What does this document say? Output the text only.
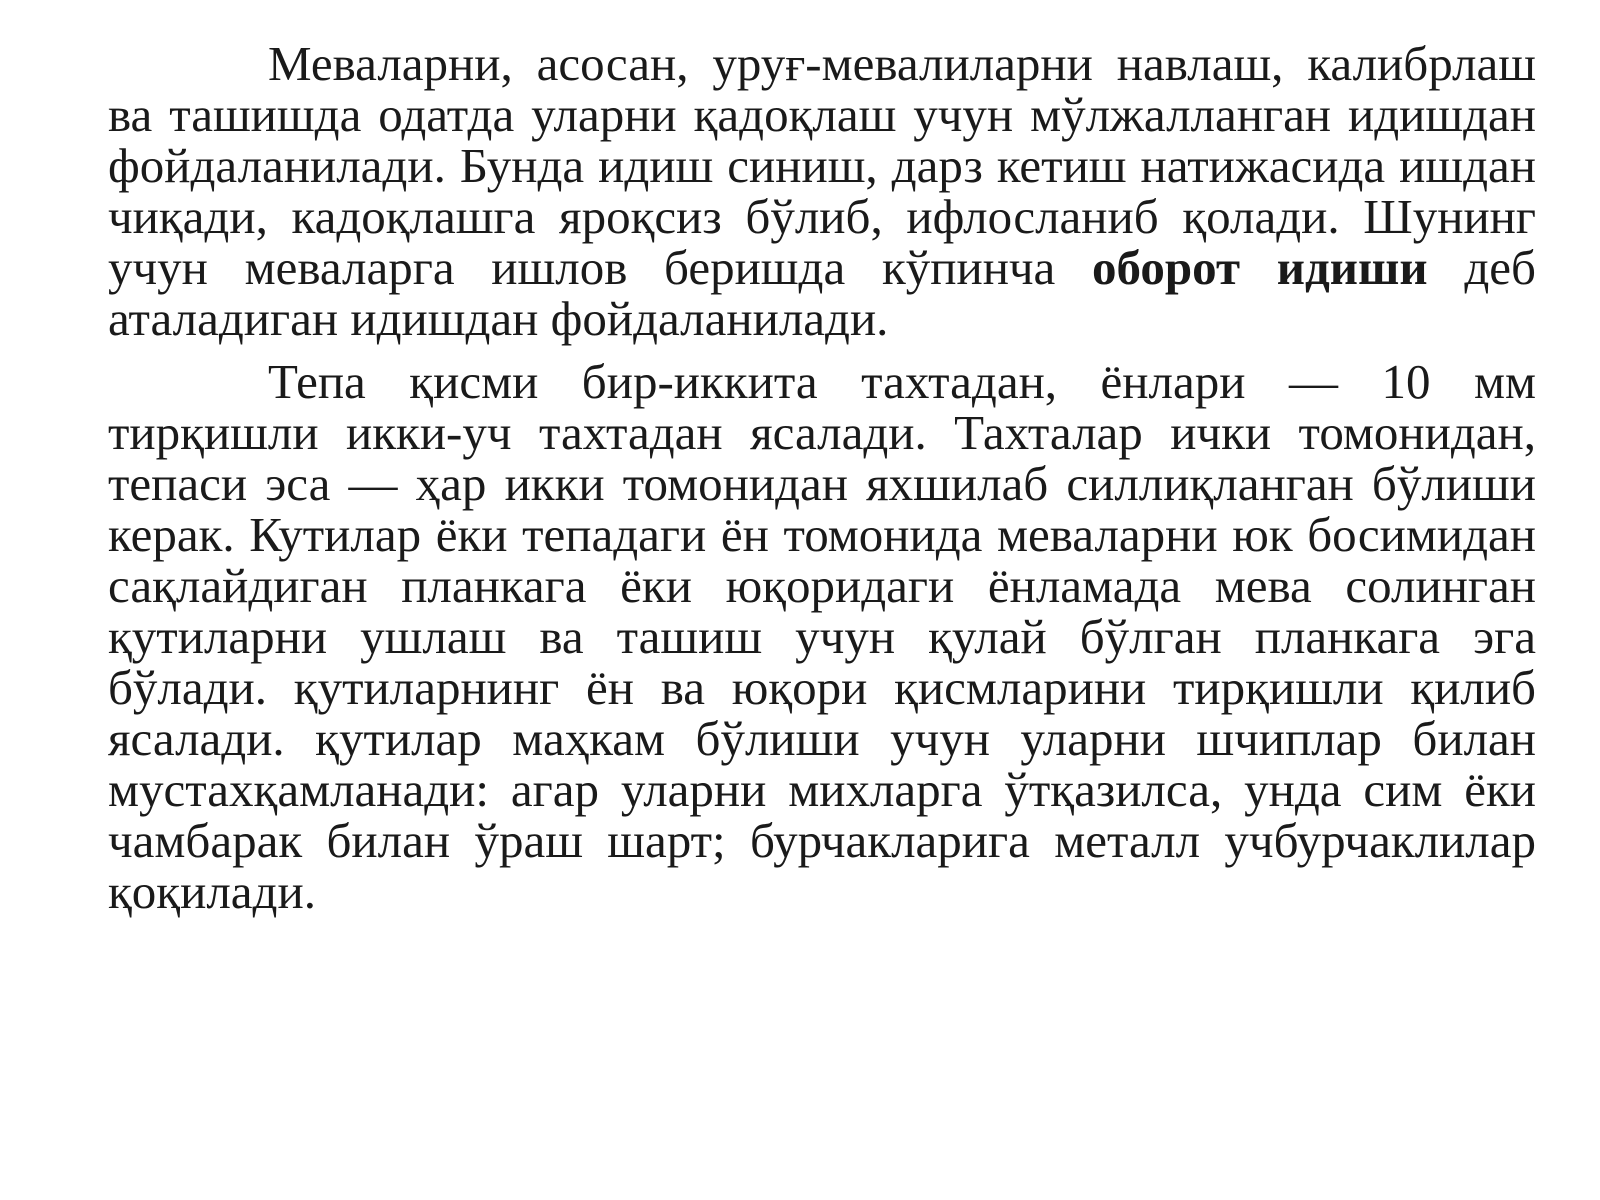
Меваларни, асосан, уруғ-мевалиларни навлаш, калибрлаш ва ташишда одатда уларни қадоқлаш учун мўлжалланган идишдан фойдаланилади. Бунда идиш синиш, дарз кетиш натижасида ишдан чиқади, кадоқлашга яроқсиз бўлиб, ифлосланиб қолади. Шунинг учун меваларга ишлов беришда кўпинча оборот идиши деб аталадиган идишдан фойдаланилади.

Тепа қисми бир-иккита тахтадан, ёнлари — 10 мм тирқишли икки-уч тахтадан ясалади. Тахталар ички томонидан, тепаси эса — ҳар икки томонидан яхшилаб силлиқланган бўлиши керак. Кутилар ёки тепадаги ён томонида меваларни юк босимидан сақлайдиган планкага ёки юқоридаги ёнламада мева солинган қутиларни ушлаш ва ташиш учун қулай бўлган планкага эга бўлади. қутиларнинг ён ва юқори қисмларини тирқишли қилиб ясалади. қутилар маҳкам бўлиши учун уларни шчиплар билан мустахқамланади: агар уларни михларга ўтқазилса, унда сим ёки чамбарак билан ўраш шарт; бурчакларига металл учбурчаклилар қоқилади.
